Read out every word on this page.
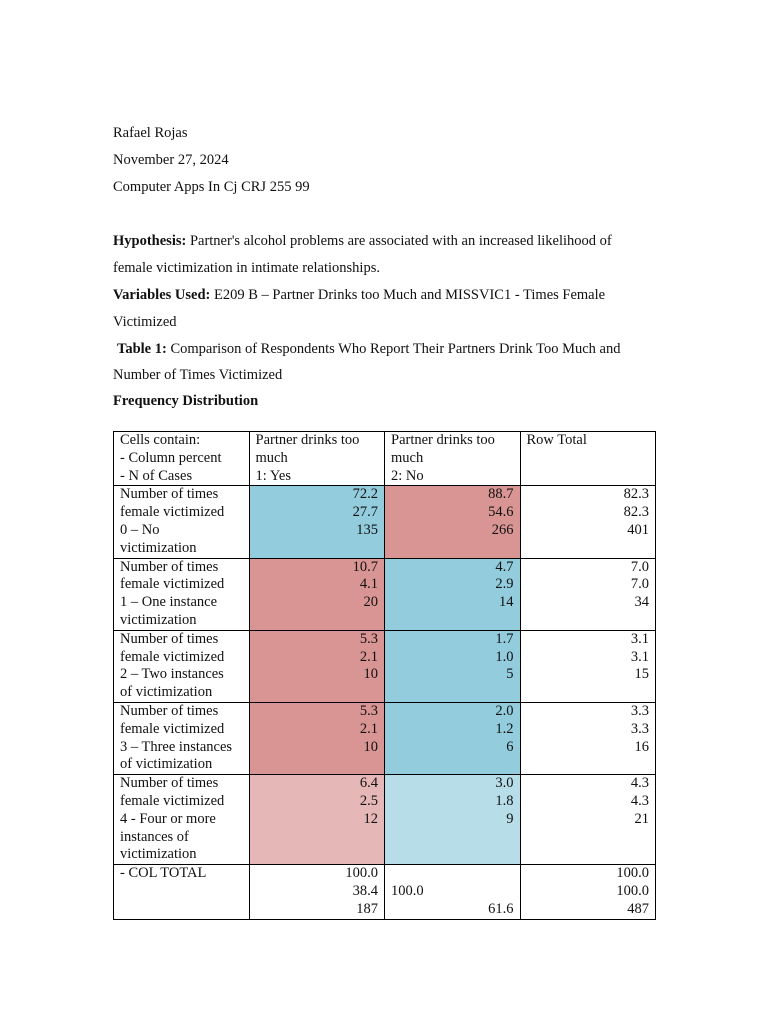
Rafael Rojas
November 27, 2024
Computer Apps In Cj CRJ 255 99
Hypothesis: Partner's alcohol problems are associated with an increased likelihood of
female victimization in intimate relationships.
Variables Used: E209 B – Partner Drinks too Much and MISSVIC1 - Times Female
Victimized
Table 1: Comparison of Respondents Who Report Their Partners Drink Too Much and
Number of Times Victimized
Frequency Distribution
Cells contain:
- Column percent
- N of Cases	Partner drinks too
much
1: Yes	Partner drinks too
much
2: No	Row Total

Number of times
female victimized
0 – No
victimization	72.2
27.7
135	88.7
54.6
266	82.3
82.3
401

Number of times
female victimized
1 – One instance
victimization	10.7
4.1
20	4.7
2.9
14	7.0
7.0
34

Number of times
female victimized
2 – Two instances
of victimization	5.3
2.1
10	1.7
1.0
5	3.1
3.1
15

Number of times
female victimized
3 – Three instances
of victimization	5.3
2.1
10	2.0
1.2
6	3.3
3.3
16

Number of times
female victimized
4 - Four or more
instances of
victimization	6.4
2.5
12	3.0
1.8
9	4.3
4.3
21

- COL TOTAL	100.0
38.4
187	100.0
61.6	100.0
100.0
487
